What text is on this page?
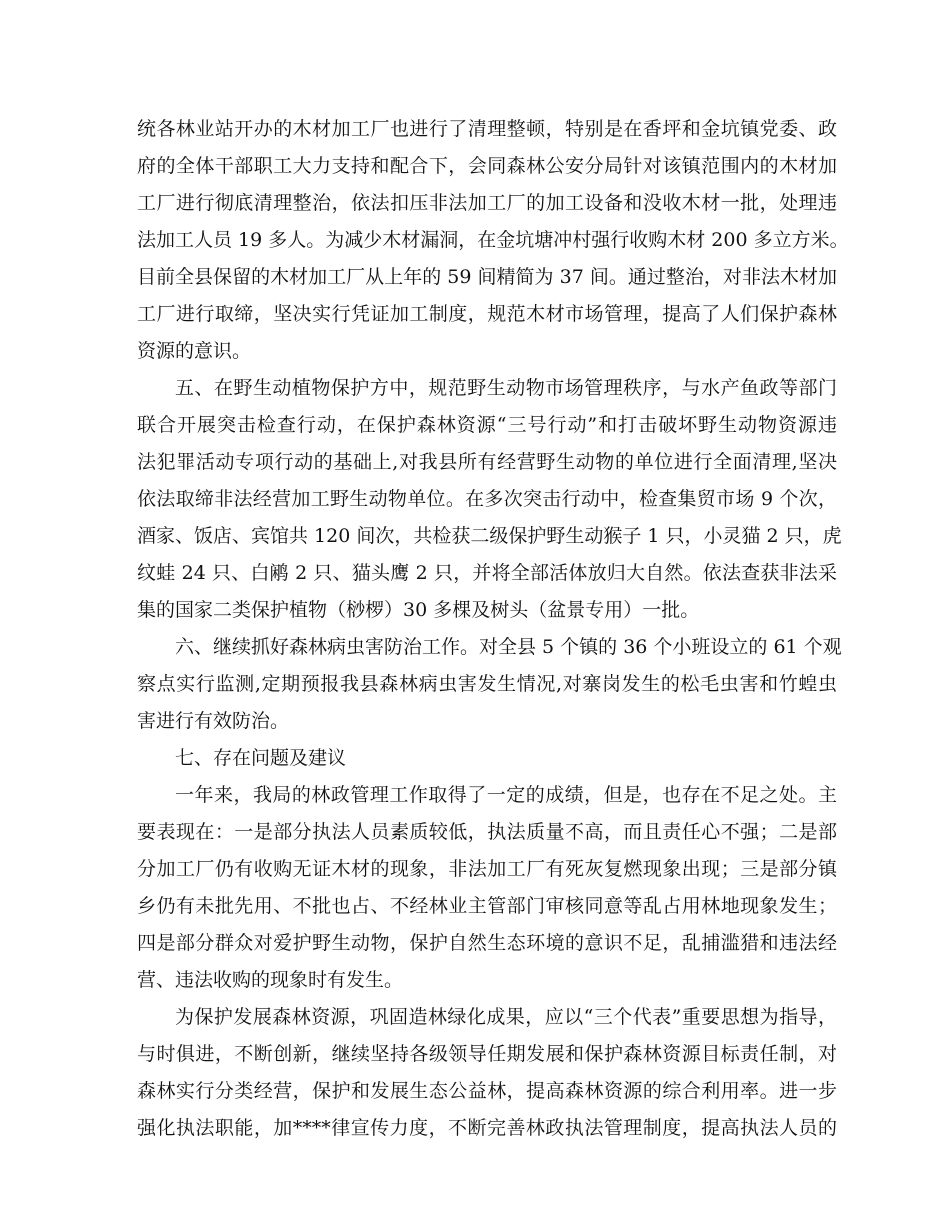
统各林业站开办的木材加工厂也进行了清理整顿，特别是在香坪和金坑镇党委、政
府的全体干部职工大力支持和配合下，会同森林公安分局针对该镇范围内的木材加
工厂进行彻底清理整治，依法扣压非法加工厂的加工设备和没收木材一批，处理违
法加工人员 19 多人。为减少木材漏洞，在金坑塘冲村强行收购木材 200 多立方米。
目前全县保留的木材加工厂从上年的 59 间精简为 37 间。通过整治，对非法木材加
工厂进行取缔，坚决实行凭证加工制度，规范木材市场管理，提高了人们保护森林
资源的意识。
五、在野生动植物保护方中，规范野生动物市场管理秩序，与水产鱼政等部门
联合开展突击检查行动，在保护森林资源“三号行动”和打击破坏野生动物资源违
法犯罪活动专项行动的基础上,对我县所有经营野生动物的单位进行全面清理,坚决
依法取缔非法经营加工野生动物单位。在多次突击行动中，检查集贸市场 9 个次，
酒家、饭店、宾馆共 120 间次，共检获二级保护野生动猴子 1 只，小灵猫 2 只，虎
纹蛙 24 只、白鹇 2 只、猫头鹰 2 只，并将全部活体放归大自然。依法查获非法采
集的国家二类保护植物（桫椤）30 多棵及树头（盆景专用）一批。
六、继续抓好森林病虫害防治工作。对全县 5 个镇的 36 个小班设立的 61 个观
察点实行监测,定期预报我县森林病虫害发生情况,对寨岗发生的松毛虫害和竹蝗虫
害进行有效防治。
七、存在问题及建议
一年来，我局的林政管理工作取得了一定的成绩，但是，也存在不足之处。主
要表现在：一是部分执法人员素质较低，执法质量不高，而且责任心不强；二是部
分加工厂仍有收购无证木材的现象，非法加工厂有死灰复燃现象出现；三是部分镇
乡仍有未批先用、不批也占、不经林业主管部门审核同意等乱占用林地现象发生；
四是部分群众对爱护野生动物，保护自然生态环境的意识不足，乱捕滥猎和违法经
营、违法收购的现象时有发生。
为保护发展森林资源，巩固造林绿化成果，应以“三个代表”重要思想为指导，
与时俱进，不断创新，继续坚持各级领导任期发展和保护森林资源目标责任制，对
森林实行分类经营，保护和发展生态公益林，提高森林资源的综合利用率。进一步
强化执法职能，加****律宣传力度，不断完善林政执法管理制度，提高执法人员的
